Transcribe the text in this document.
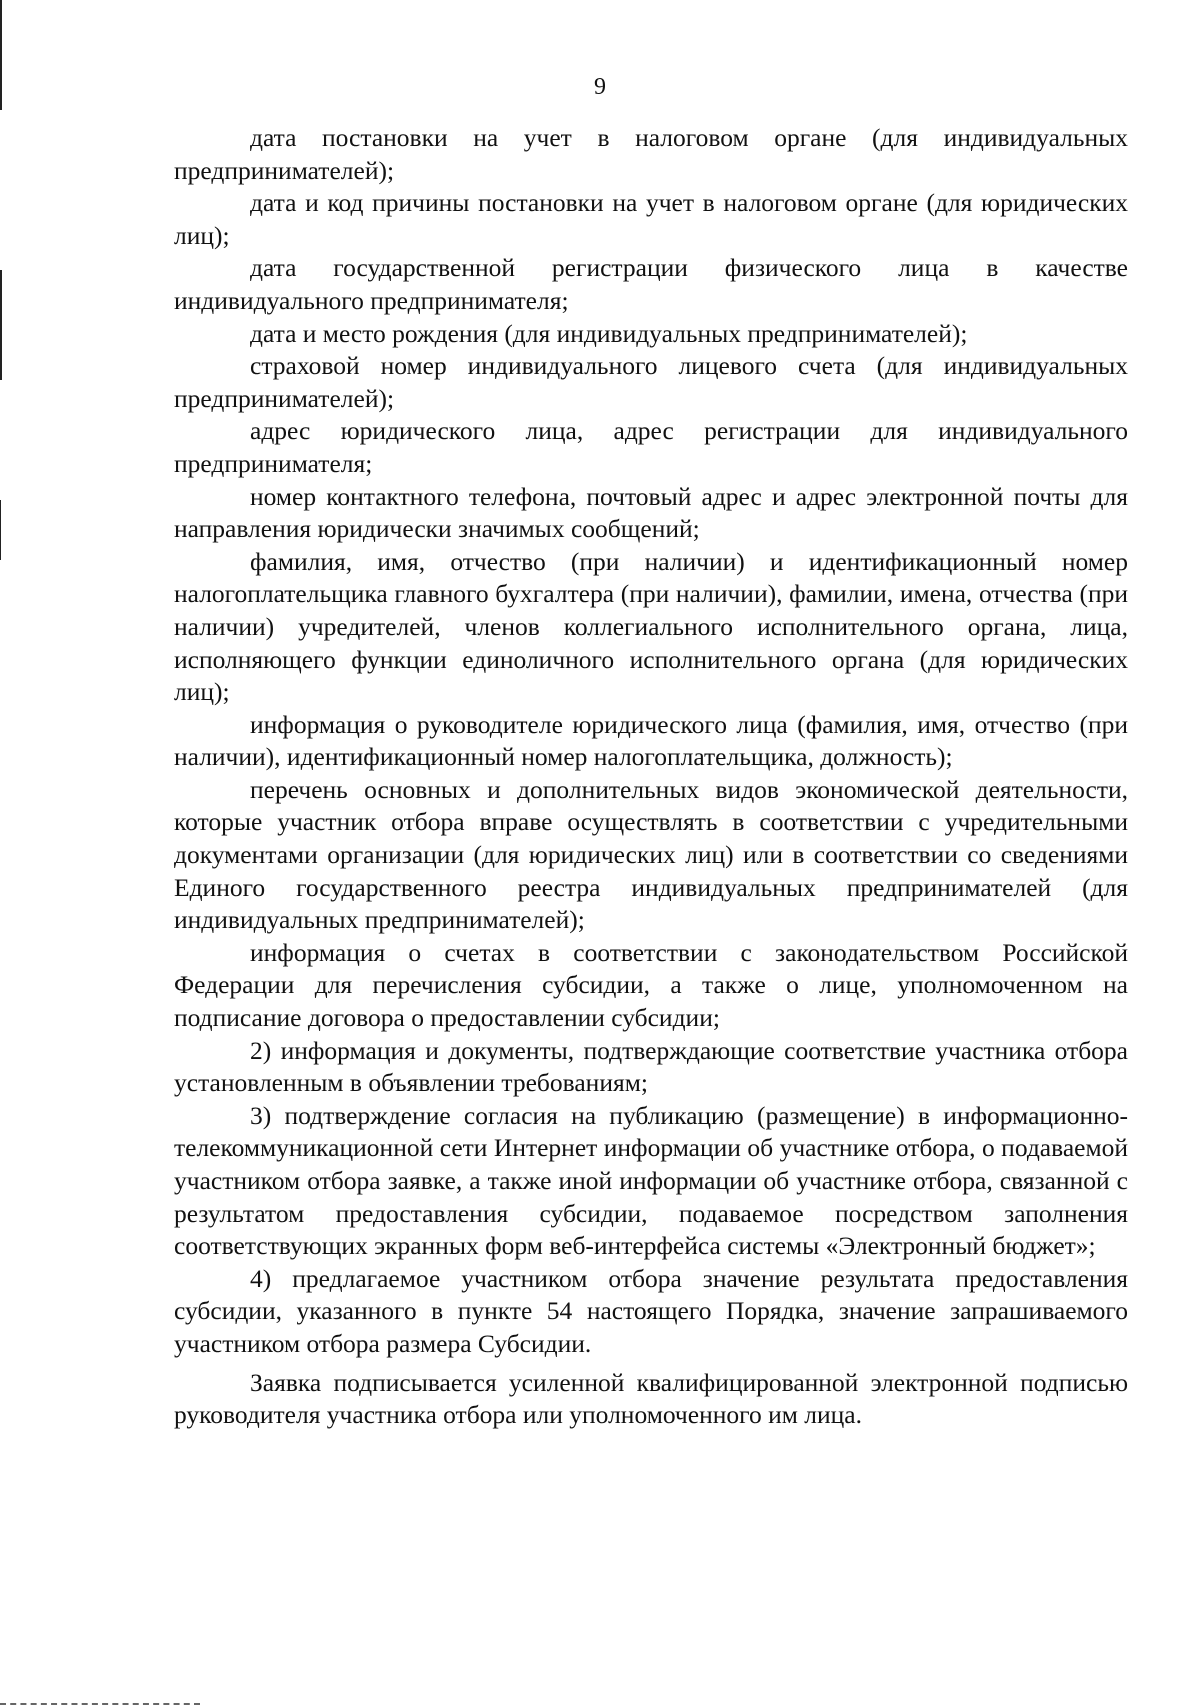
9

дата постановки на учет в налоговом органе (для индивидуальных предпринимателей);

дата и код причины постановки на учет в налоговом органе (для юридических лиц);

дата государственной регистрации физического лица в качестве индивидуального предпринимателя;

дата и место рождения (для индивидуальных предпринимателей);

страховой номер индивидуального лицевого счета (для индивидуальных предпринимателей);

адрес юридического лица, адрес регистрации для индивидуального предпринимателя;

номер контактного телефона, почтовый адрес и адрес электронной почты для направления юридически значимых сообщений;

фамилия, имя, отчество (при наличии) и идентификационный номер налогоплательщика главного бухгалтера (при наличии), фамилии, имена, отчества (при наличии) учредителей, членов коллегиального исполнительного органа, лица, исполняющего функции единоличного исполнительного органа (для юридических лиц);

информация о руководителе юридического лица (фамилия, имя, отчество (при наличии), идентификационный номер налогоплательщика, должность);

перечень основных и дополнительных видов экономической деятельности, которые участник отбора вправе осуществлять в соответствии с учредительными документами организации (для юридических лиц) или в соответствии со сведениями Единого государственного реестра индивидуальных предпринимателей (для индивидуальных предпринимателей);

информация о счетах в соответствии с законодательством Российской Федерации для перечисления субсидии, а также о лице, уполномоченном на подписание договора о предоставлении субсидии;

2) информация и документы, подтверждающие соответствие участника отбора установленным в объявлении требованиям;

3) подтверждение согласия на публикацию (размещение) в информационно-телекоммуникационной сети Интернет информации об участнике отбора, о подаваемой участником отбора заявке, а также иной информации об участнике отбора, связанной с результатом предоставления субсидии, подаваемое посредством заполнения соответствующих экранных форм веб-интерфейса системы «Электронный бюджет»;

4) предлагаемое участником отбора значение результата предоставления субсидии, указанного в пункте 54 настоящего Порядка, значение запрашиваемого участником отбора размера Субсидии.

Заявка подписывается усиленной квалифицированной электронной подписью руководителя участника отбора или уполномоченного им лица.
